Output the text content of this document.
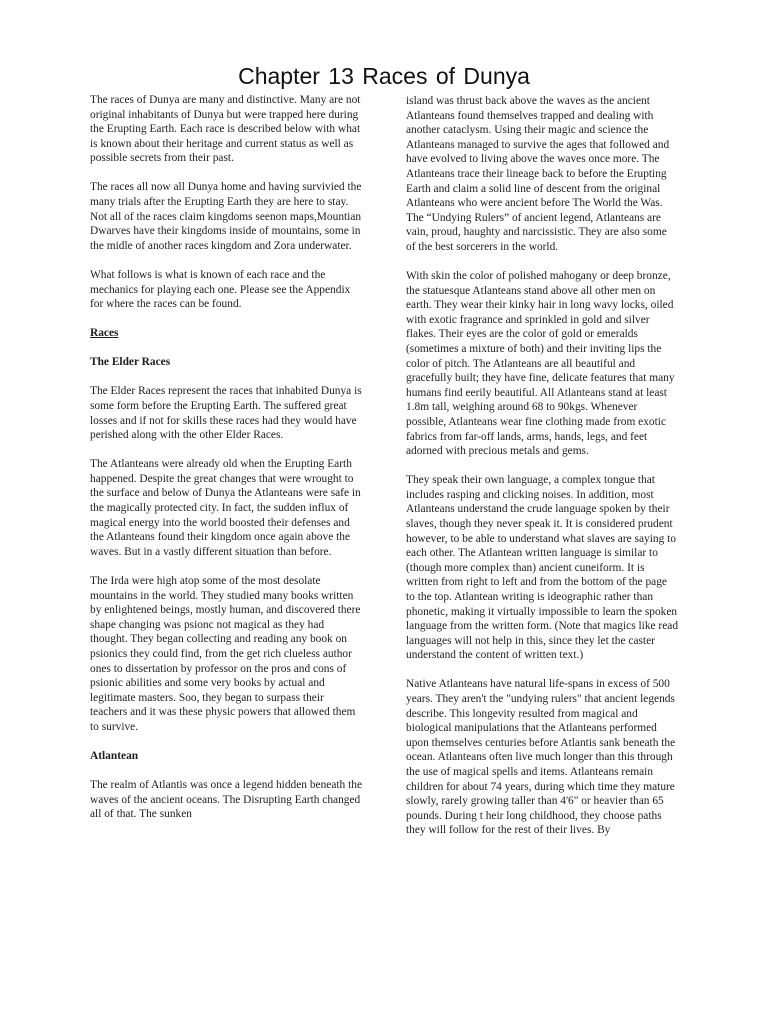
Chapter 13 Races of Dunya

The races of Dunya are many and distinctive. Many are not original inhabitants of Dunya but were trapped here during the Erupting Earth. Each race is described below with what is known about their heritage and current status as well as possible secrets from their past.

The races all now all Dunya home and having survivied the many trials after the Erupting Earth they are here to stay. Not all of the races claim kingdoms seenon maps,Mountian Dwarves have their kingdoms inside of mountains, some in the midle of another races kingdom and Zora underwater.

What follows is what is known of each race and the mechanics for playing each one. Please see the Appendix for where the races can be found.

Races
The Elder Races

The Elder Races represent the races that inhabited Dunya is some form before the Erupting Earth. The suffered great losses and if not for skills these races had they would have perished along with the other Elder Races.

The Atlanteans were already old when the Erupting Earth happened. Despite the great changes that were wrought to the surface and below of Dunya the Atlanteans were safe in the magically protected city. In fact, the sudden influx of magical energy into the world boosted their defenses and the Atlanteans found their kingdom once again above the waves. But in a vastly different situation than before.

The Irda were high atop some of the most desolate mountains in the world. They studied many books written by enlightened beings, mostly human, and discovered there shape changing was psionc not magical as they had thought. They began collecting and reading any book on psionics they could find, from the get rich clueless author ones to dissertation by professor on the pros and cons of psionic abilities and some very books by actual and legitimate masters. Soo, they began to surpass their teachers and it was these physic powers that allowed them to survive.

Atlantean

The realm of Atlantis was once a legend hidden beneath the waves of the ancient oceans. The Disrupting Earth changed all of that. The sunken

island was thrust back above the waves as the ancient Atlanteans found themselves trapped and dealing with another cataclysm. Using their magic and science the Atlanteans managed to survive the ages that followed and have evolved to living above the waves once more. The Atlanteans trace their lineage back to before the Erupting Earth and claim a solid line of descent from the original Atlanteans who were ancient before The World the Was. The “Undying Rulers” of ancient legend, Atlanteans are vain, proud, haughty and narcissistic. They are also some of the best sorcerers in the world.

With skin the color of polished mahogany or deep bronze, the statuesque Atlanteans stand above all other men on earth. They wear their kinky hair in long wavy locks, oiled with exotic fragrance and sprinkled in gold and silver flakes. Their eyes are the color of gold or emeralds (sometimes a mixture of both) and their inviting lips the color of pitch. The Atlanteans are all beautiful and gracefully built; they have fine, delicate features that many humans find eerily beautiful. All Atlanteans stand at least 1.8m tall, weighing around 68 to 90kgs. Whenever possible, Atlanteans wear fine clothing made from exotic fabrics from far-off lands, arms, hands, legs, and feet adorned with precious metals and gems.

They speak their own language, a complex tongue that includes rasping and clicking noises. In addition, most Atlanteans understand the crude language spoken by their slaves, though they never speak it. It is considered prudent however, to be able to understand what slaves are saying to each other. The Atlantean written language is similar to (though more complex than) ancient cuneiform. It is written from right to left and from the bottom of the page to the top. Atlantean writing is ideographic rather than phonetic, making it virtually impossible to learn the spoken language from the written form. (Note that magics like read languages will not help in this, since they let the caster understand the content of written text.)

Native Atlanteans have natural life-spans in excess of 500 years. They aren't the "undying rulers" that ancient legends describe. This longevity resulted from magical and biological manipulations that the Atlanteans performed upon themselves centuries before Atlantis sank beneath the ocean. Atlanteans often live much longer than this through the use of magical spells and items. Atlanteans remain children for about 74 years, during which time they mature slowly, rarely growing taller than 4'6" or heavier than 65 pounds. During t heir long childhood, they choose paths they will follow for the rest of their lives. By
